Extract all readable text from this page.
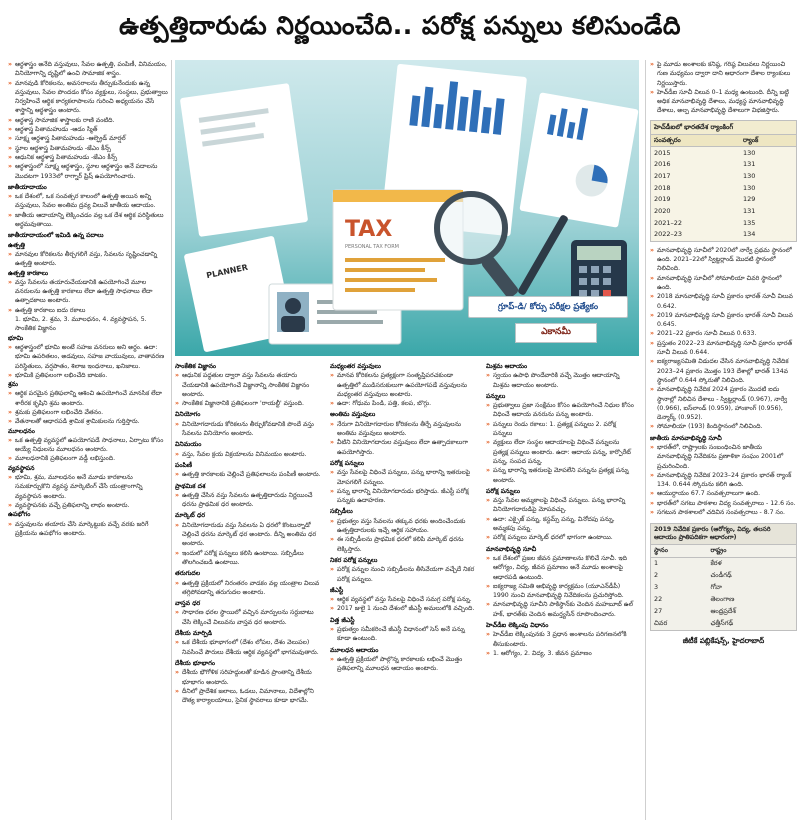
ఉత్పత్తిదారుడు నిర్ణయించేది.. పరోక్ష పన్నులు కలిసుండేది
» ఆర్థశాస్త్రం అనేది వస్తువులు, సేవల ఉత్పత్తి, పంపిణీ, వినిమయం, వినియోగాన్ని దృష్టిలో ఉంచి సామాజిక శాస్త్రం.
» మానవుడి కోరికలను, అవసరాలను తీర్చుకునేందుకు ఉన్న వస్తువులు, సేవల పొందడం కోసం వ్యక్తులు, సంస్థలు, ప్రభుత్వాలు నిర్వహించే ఆర్థిక కార్యకలాపాలను గురించి అధ్యయనం చేసే శాస్త్రాన్ని ఆర్థశాస్త్రం అంటారు.
» ఆర్థశాస్త్ర సామాజిక శాస్త్రాలకు రాణి వంటిది.
» ఆర్థశాస్త్ర పితామహుడు -ఆడం స్మిత్
» సూక్ష్మ ఆర్థశాస్త్ర పితామహుడు -ఆల్ఫ్రెడ్ మార్షల్
» స్థూల ఆర్థశాస్త్ర పితామహుడు -జేఎం కీన్స్
» ఆధునిక ఆర్థశాస్త్ర పితామహుడు -జేఎం కీన్స్
» ఆర్థశాస్త్రంలో సూక్ష్మ ఆర్థశాస్త్రం, స్థూల ఆర్థశాస్త్రం అనే పదాలను మొదటగా 1933లో రాగ్నార్ ఫ్రిష్ ఉపయోగించారు.
జాతీయాదాయం
» ఒక దేశంలో, ఒక సంవత్సర కాలంలో ఉత్పత్తి అయిన అన్ని వస్తువులు, సేవల అంతిమ ద్రవ్య విలువే జాతీయ ఆదాయం.
» జాతీయ ఆదాయాన్ని లెక్కించడం వల్ల ఒక దేశ ఆర్థిక పరిస్థితులు అర్థమవుతాయి.
జాతీయాదాయంలో ఇమిడి ఉన్న పదాలు
ఉత్పత్తి
» మానవుల కోరికలను తీర్చగలిగే వస్తు, సేవలను సృష్టించడాన్ని ఉత్పత్తి అంటారు.
ఉత్పత్తి కారకాలు
» వస్తు సేవలను తయారుచేయడానికి ఉపయోగించే మూల వనరులను ఉత్పత్తి కారకాలు లేదా ఉత్పత్తి సాధనాలు లేదా ఉత్పాదకాలు అంటారు.
» ఉత్పత్తి కారకాలు ఐదు రకాలు
1. భూమి, 2. శ్రమ, 3. మూలధనం, 4. వ్యవస్థాపన, 5. సాంకేతిక విజ్ఞానం
భూమి
» ఆర్థశాస్త్రంలో భూమి అంటే సహజ వనరులు అని అర్థం. ఉదా: భూమి ఉపరితలం, అడవులు, సహజ వాయువులు, వాతావరణ పరిస్థితులు, వర్షపాతం, శిలాజ ఇంధనాలు, ఖనిజాలు.
» భూమికి ప్రతిఫలంగా లభించేది బాటకం.
శ్రమ
» ఆర్థిక పరమైన ప్రతిఫలాన్ని ఆశించి ఉపయోగించే మానసిక లేదా శారీరక కృషిని శ్రమ అంటారు.
» శ్రమకు ప్రతిఫలంగా లభించేది వేతనం.
» వేతనాలతో ఆధారపడి శ్రామిక శ్రామికులను గుర్తిస్తారు.
మూలధనం
» ఒక ఉత్పత్తి వ్యవస్థలో ఉపయోగపడే సాధనాలు, ఏర్పాటు కోసం అయ్యే నిధులను మూలధనం అంటారు.
» మూలధనానికి ప్రతిఫలంగా వడ్డీ లభిస్తుంది.
వ్యవస్థాపన
» భూమి, శ్రమ, మూలధనం అనే మూడు కారకాలను సమకూర్చుకొని వ్యవస్థ మార్కెటింగ్ చేసే యంత్రాంగాన్ని వ్యవస్థాపన అంటారు.
» వ్యవస్థాపనకు వచ్చే ప్రతిఫలాన్ని లాభం అంటారు.
ఉపభోగం
» వస్తువులను తయారు చేసి మార్కెట్టుకు వచ్చే వరకు జరిగే ప్రక్రియను ఉపభోగం అంటారు.
PLANNER
TAX
PERSONAL TAX FORM
గ్రూప్‌-డి/ కోర్సు పరీక్షల ప్రత్యేకం
ఎకానమీ
సాంకేతిక విజ్ఞానం
» ఆధునిక పద్ధతుల ద్వారా వస్తు సేవలను తయారు చేయడానికి ఉపయోగించే విజ్ఞానాన్ని సాంకేతిక విజ్ఞానం అంటారు.
» సాంకేతిక విజ్ఞానానికి ప్రతిఫలంగా 'రాయల్టీ' వస్తుంది.
వినియోగం
» వినియోగదారుడు కోరికలను తీర్చుకోవడానికి పొందే వస్తు సేవలను వినియోగం అంటారు.
వినిమయం
» వస్తు, సేవల క్రయ విక్రయాలను వినిమయం అంటారు.
పంపిణీ
» ఉత్పత్తి కారకాలకు చెల్లించే ప్రతిఫలాలను పంపిణీ అంటారు.
ప్రాథమిక దశ
» ఉత్పత్తి చేసిన వస్తు సేవలను ఉత్పత్తిదారుడు నిర్ణయించే ధరను ప్రాథమిక ధర అంటారు.
మార్కెట్ ధర
» వినియోగదారుడు వస్తు సేవలను ఏ ధరలో కొంటున్నాడో చెల్లించే ధరను మార్కెట్ ధర అంటారు. దీన్ని అంతిమ ధర అంటారు.
» ఇందులో పరోక్ష పన్నులు కలిసి ఉంటాయి. సబ్సిడీలు తొలగించబడి ఉంటాయి.
తరుగుదల
» ఉత్పత్తి ప్రక్రియలో నిరంతరం వాడకం వల్ల యంత్రాల విలువ తగ్గిపోవడాన్ని తరుగుదల అంటారు.
వాస్తవ ధర
» సాధారణ ధరల స్థాయిలో వచ్చిన మార్పులను సర్దుబాటు చేసి లెక్కించే విలువను వాస్తవ ధర అంటారు.
దేశీయ మార్పిడి
» ఒక దేశీయ భూభాగంలో (దేశం లోపల, దేశం వెలుపల) నివసించే పౌరులు దేశీయ ఆర్థిక వ్యవస్థలో భాగమవుతారు.
దేశీయ భూభాగం
» దేశీయ భౌగోళిక సరిహద్దులతో కూడిన ప్రాంతాన్ని దేశీయ భూభాగం అంటారు.
» దీనిలో ప్రాదేశిక జలాలు, ఓడలు, విమానాలు, విదేశాల్లోని దౌత్య కార్యాలయాలు, సైనిక స్థావరాలు కూడా భాగమే.
మధ్యంతర వస్తువులు
» మానవ కోరికలను ప్రత్యక్షంగా సంతృప్తిపరచకుండా ఉత్పత్తిలో ముడిసరుకులుగా ఉపయోగపడే వస్తువులను మధ్యంతర వస్తువులు అంటారు.
» ఉదా: గోధుమ పిండి, పత్తి, కలప, బొగ్గు.
అంతిమ వస్తువులు
» నేరుగా వినియోగదారుల కోరికలను తీర్చే వస్తువులను అంతిమ వస్తువులు అంటారు.
» వీటిని వినియోగదారుల వస్తువులు లేదా ఉత్పాదకాలుగా ఉపయోగిస్తారు.
పరోక్ష పన్నులు
» వస్తు సేవలపై విధించే పన్నులు, పన్ను భారాన్ని ఇతరులపై మోపగలిగే పన్నులు.
» పన్ను భారాన్ని వినియోగదారుడు భరిస్తాడు. జీఎస్టీ పరోక్ష పన్నుకు ఉదాహరణ.
సబ్సిడీలు
» ప్రభుత్వం వస్తు సేవలను తక్కువ ధరకు అందించేందుకు ఉత్పత్తిదారులకు ఇచ్చే ఆర్థిక సహాయం.
» ఈ సబ్సిడీలను ప్రాథమిక ధరలో కలిపి మార్కెట్ ధరను లెక్కిస్తారు.
నికర పరోక్ష పన్నులు
» పరోక్ష పన్నుల నుంచి సబ్సిడీలను తీసివేయగా వచ్చేదే నికర పరోక్ష పన్నులు.
జీఎస్టీ
» ఆర్థిక వ్యవస్థలో వస్తు సేవలపై విధించే సమగ్ర పరోక్ష పన్ను.
» 2017 జులై 1 నుంచి దేశంలో జీఎస్టీ అమలులోకి వచ్చింది.
విత్త జీఎస్టీ
» ప్రభుత్వం సమీకరించే జీఎస్టీ విధానంలో సెస్ అనే పన్ను కూడా ఉంటుంది.
మూలధన ఆదాయం
» ఉత్పత్తి ప్రక్రియలో పాల్గొన్న కారకాలకు లభించే మొత్తం ప్రతిఫలాన్ని మూలధన ఆదాయం అంటారు.
మిశ్రమ ఆదాయం
» స్వయం ఉపాధి పొందేవారికి వచ్చే మొత్తం ఆదాయాన్ని మిశ్రమ ఆదాయం అంటారు.
పన్నులు
» ప్రభుత్వాలు ప్రజా సంక్షేమం కోసం ఉపయోగించే నిధుల కోసం విధించే ఆదాయ వనరును పన్ను అంటారు.
» పన్నులు రెండు రకాలు: 1. ప్రత్యక్ష పన్నులు 2. పరోక్ష పన్నులు
» వ్యక్తులు లేదా సంస్థల ఆదాయాలపై విధించే పన్నులను ప్రత్యక్ష పన్నులు అంటారు. ఉదా: ఆదాయ పన్ను, కార్పొరేట్ పన్ను, సంపద పన్ను.
» పన్ను భారాన్ని ఇతరులపై మోపలేని పన్నును ప్రత్యక్ష పన్ను అంటారు.
పరోక్ష పన్నులు
» వస్తు సేవల అమ్మకాలపై విధించే పన్నులు. పన్ను భారాన్ని వినియోగదారుడిపై మోపవచ్చు.
» ఉదా: ఎక్సైజ్ పన్ను, కస్టమ్స్ పన్ను, వినోదపు పన్ను, అమ్మకపు పన్ను.
» పరోక్ష పన్నులు మార్కెట్ ధరలో భాగంగా ఉంటాయి.
మానవాభివృద్ధి సూచీ
» ఒక దేశంలో ప్రజల జీవన ప్రమాణాలను కొలిచే సూచీ. ఇది ఆరోగ్యం, విద్య, జీవన ప్రమాణం అనే మూడు అంశాలపై ఆధారపడి ఉంటుంది.
» ఐక్యరాజ్య సమితి అభివృద్ధి కార్యక్రమం (యూఎన్‌డీపీ) 1990 నుంచి మానవాభివృద్ధి నివేదికలను ప్రచురిస్తోంది.
» మానవాభివృద్ధి సూచీని పాకిస్థాన్‌కు చెందిన మహబూబ్ ఉల్ హక్, భారత్‌కు చెందిన అమర్త్యసేన్ రూపొందించారు.
హెచ్‌డీఐ లెక్కింపు విధానం
» హెచ్‌డీఐ లెక్కింపునకు 3 ప్రధాన అంశాలను పరిగణనలోకి తీసుకుంటారు.
» 1. ఆరోగ్యం, 2. విద్య, 3. జీవన ప్రమాణం
» పై మూడు అంశాలకు కనిష్ఠ, గరిష్ఠ విలువలు నిర్ణయించి గుణ మధ్యమం ద్వారా దాని ఆధారంగా దేశాల ర్యాంకులు నిర్ణయిస్తారు.
» హెచ్‌డీఐ సూచీ విలువ 0–1 మధ్య ఉంటుంది. దీన్ని బట్టి అధిక మానవాభివృద్ధి దేశాలు, మధ్యస్థ మానవాభివృద్ధి దేశాలు, అల్ప మానవాభివృద్ధి దేశాలుగా విభజిస్తారు.
హెచ్‌డీఐలో భారతదేశ ర్యాంకింగ్
సంవత్సరం	ర్యాంక్
2015	130
2016	131
2017	130
2018	130
2019	129
2020	131
2021–22	135
2022–23	134
» మానవాభివృద్ధి సూచీలో 2020లో నార్వే ప్రథమ స్థానంలో ఉంది. 2021–22లో స్విట్జర్లాండ్ మొదటి స్థానంలో నిలిచింది.
» మానవాభివృద్ధి సూచీలో సోమాలియా చివరి స్థానంలో ఉంది.
» 2018 మానవాభివృద్ధి సూచీ ప్రకారం భారత్ సూచీ విలువ 0.642.
» 2019 మానవాభివృద్ధి సూచీ ప్రకారం భారత్ సూచీ విలువ 0.645.
» 2021–22 ప్రకారం సూచీ విలువ 0.633.
» ప్రస్తుతం 2022–23 మానవాభివృద్ధి సూచీ ప్రకారం భారత్ సూచీ విలువ 0.644.
» ఐక్యరాజ్యసమితి విడుదల చేసిన మానవాభివృద్ధి నివేదిక 2023–24 ప్రకారం మొత్తం 193 దేశాల్లో భారత్ 134వ స్థానంలో 0.644 స్కోరుతో నిలిచింది.
» మానవాభివృద్ధి నివేదిక 2024 ప్రకారం మొదటి ఐదు స్థానాల్లో నిలిచిన దేశాలు - స్విట్జర్లాండ్ (0.967), నార్వే (0.966), ఐస్‌లాండ్ (0.959), హాంకాంగ్ (0.956), డెన్మార్క్ (0.952).
» సోమాలియా (193) కిందిస్థానంలో నిలిచింది.
జాతీయ మానవాభివృద్ధి సూచీ
» భారత్‌లో, రాష్ట్రాలకు సంబంధించిన జాతీయ మానవాభివృద్ధి నివేదికను ప్రణాళికా సంఘం 2001లో ప్రచురించింది.
» మానవాభివృద్ధి నివేదిక 2023–24 ప్రకారం భారత్ ర్యాంక్ 134. 0.644 స్కోరును కలిగి ఉంది.
» ఆయుర్దాయం 67.7 సంవత్సరాలుగా ఉంది.
» భారత్‌లో సగటు పాఠశాల విద్య సంవత్సరాలు - 12.6 సం.
» సగటున పాఠశాలలో చదివిన సంవత్సరాలు - 8.7 సం.
2019 నివేదిక ప్రకారం (ఆరోగ్యం, విద్య, తలసరి ఆదాయం ప్రాతిపదికగా ఆధారంగా)
స్థానం	రాష్ట్రం
1	కేరళ
2	చండీగఢ్
3	గోవా
22	తెలంగాణ
27	ఆంధ్రప్రదేశ్
చివర	ఛత్తీస్‌గఢ్
జీటీకే పబ్లికేషన్స్, హైదరాబాద్
